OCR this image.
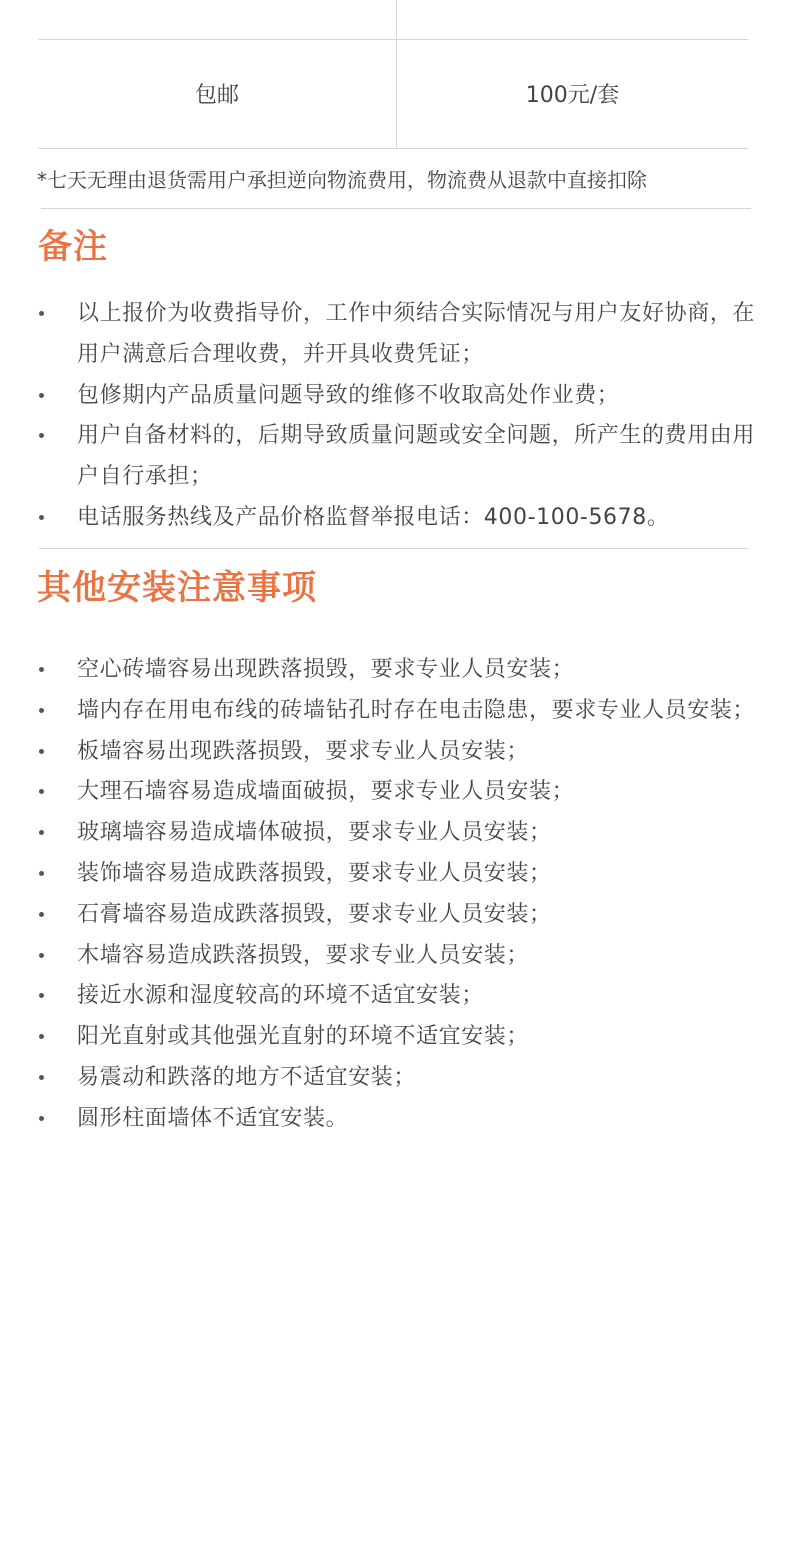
包邮	100元/套
*七天无理由退货需用户承担逆向物流费用，物流费从退款中直接扣除
备注
以上报价为收费指导价，工作中须结合实际情况与用户友好协商，在用户满意后合理收费，并开具收费凭证；
包修期内产品质量问题导致的维修不收取高处作业费；
用户自备材料的，后期导致质量问题或安全问题，所产生的费用由用户自行承担；
电话服务热线及产品价格监督举报电话：400-100-5678。
其他安装注意事项
空心砖墙容易出现跌落损毁，要求专业人员安装；
墙内存在用电布线的砖墙钻孔时存在电击隐患，要求专业人员安装；
板墙容易出现跌落损毁，要求专业人员安装；
大理石墙容易造成墙面破损，要求专业人员安装；
玻璃墙容易造成墙体破损，要求专业人员安装；
装饰墙容易造成跌落损毁，要求专业人员安装；
石膏墙容易造成跌落损毁，要求专业人员安装；
木墙容易造成跌落损毁，要求专业人员安装；
接近水源和湿度较高的环境不适宜安装；
阳光直射或其他强光直射的环境不适宜安装；
易震动和跌落的地方不适宜安装；
圆形柱面墙体不适宜安装。
